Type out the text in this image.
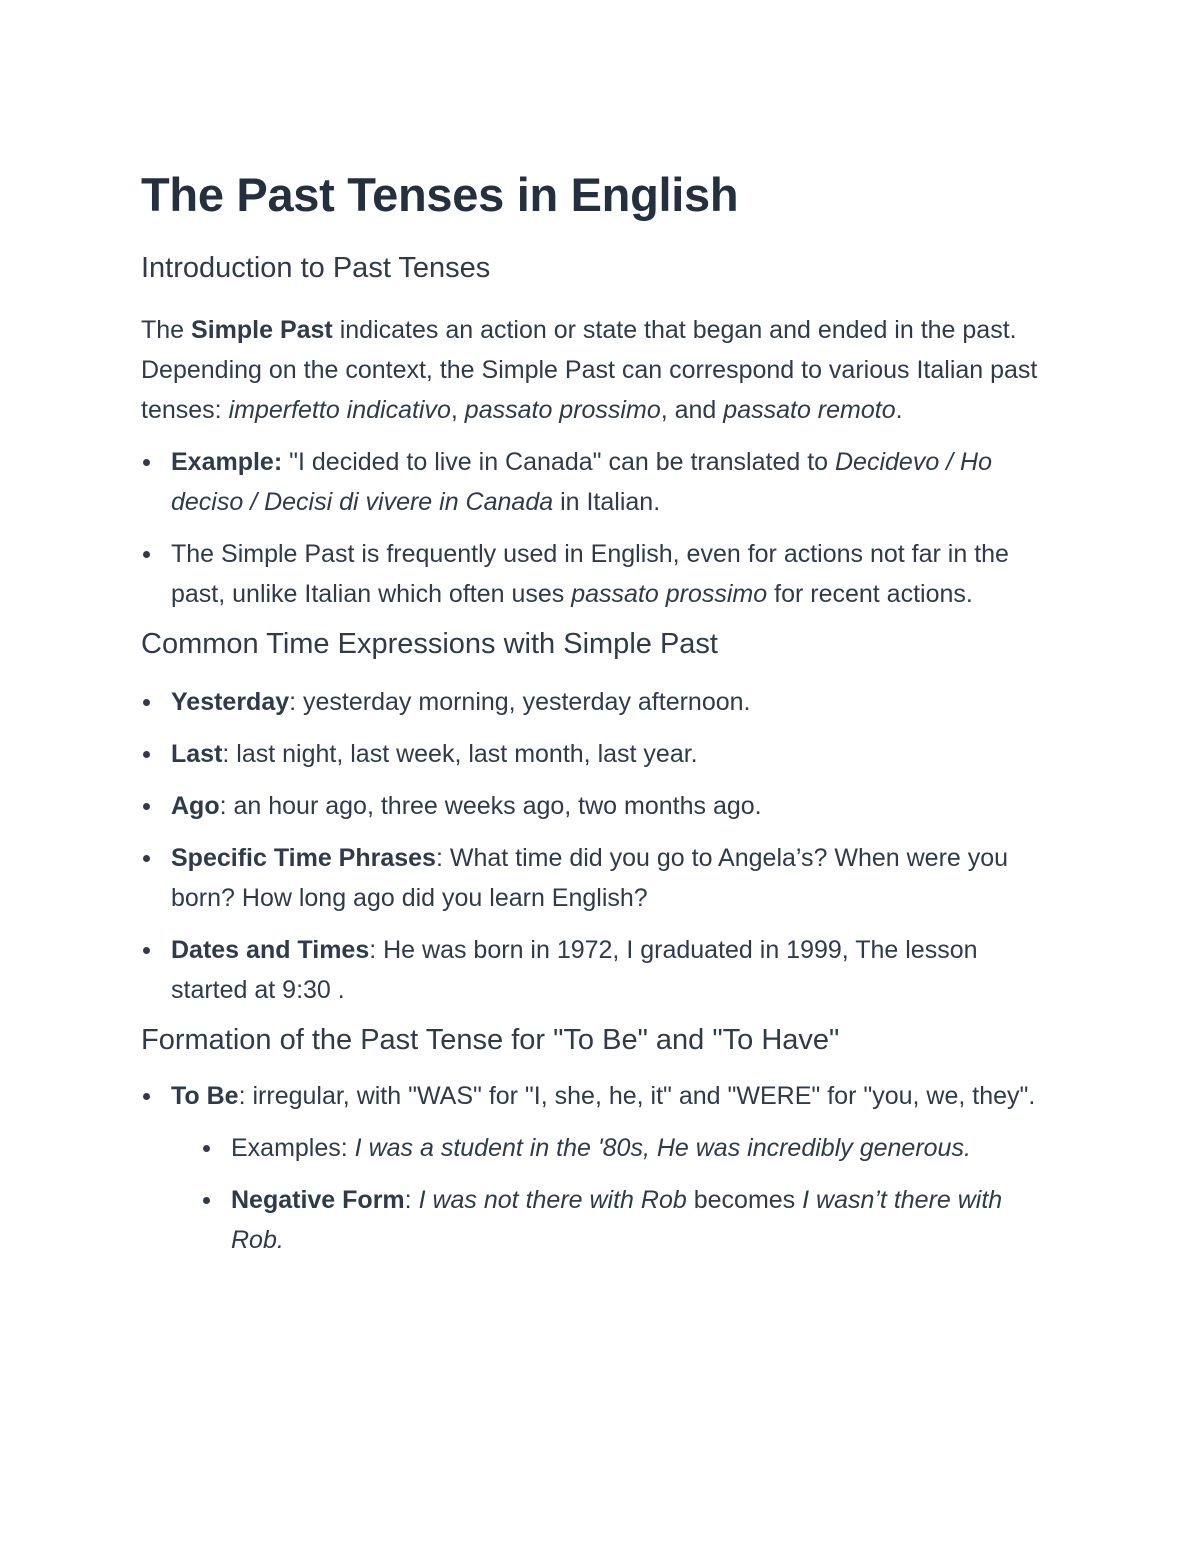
The Past Tenses in English
Introduction to Past Tenses

The Simple Past indicates an action or state that began and ended in the past. Depending on the context, the Simple Past can correspond to various Italian past tenses: imperfetto indicativo, passato prossimo, and passato remoto.

Example: "I decided to live in Canada" can be translated to Decidevo / Ho deciso / Decisi di vivere in Canada in Italian.
The Simple Past is frequently used in English, even for actions not far in the past, unlike Italian which often uses passato prossimo for recent actions.
Common Time Expressions with Simple Past
Yesterday: yesterday morning, yesterday afternoon.
Last: last night, last week, last month, last year.
Ago: an hour ago, three weeks ago, two months ago.
Specific Time Phrases: What time did you go to Angela’s? When were you born? How long ago did you learn English?
Dates and Times: He was born in 1972, I graduated in 1999, The lesson started at 9:30 .
Formation of the Past Tense for "To Be" and "To Have"
To Be: irregular, with "WAS" for "I, she, he, it" and "WERE" for "you, we, they".
Examples: I was a student in the '80s, He was incredibly generous.
Negative Form: I was not there with Rob becomes I wasn’t there with Rob.
